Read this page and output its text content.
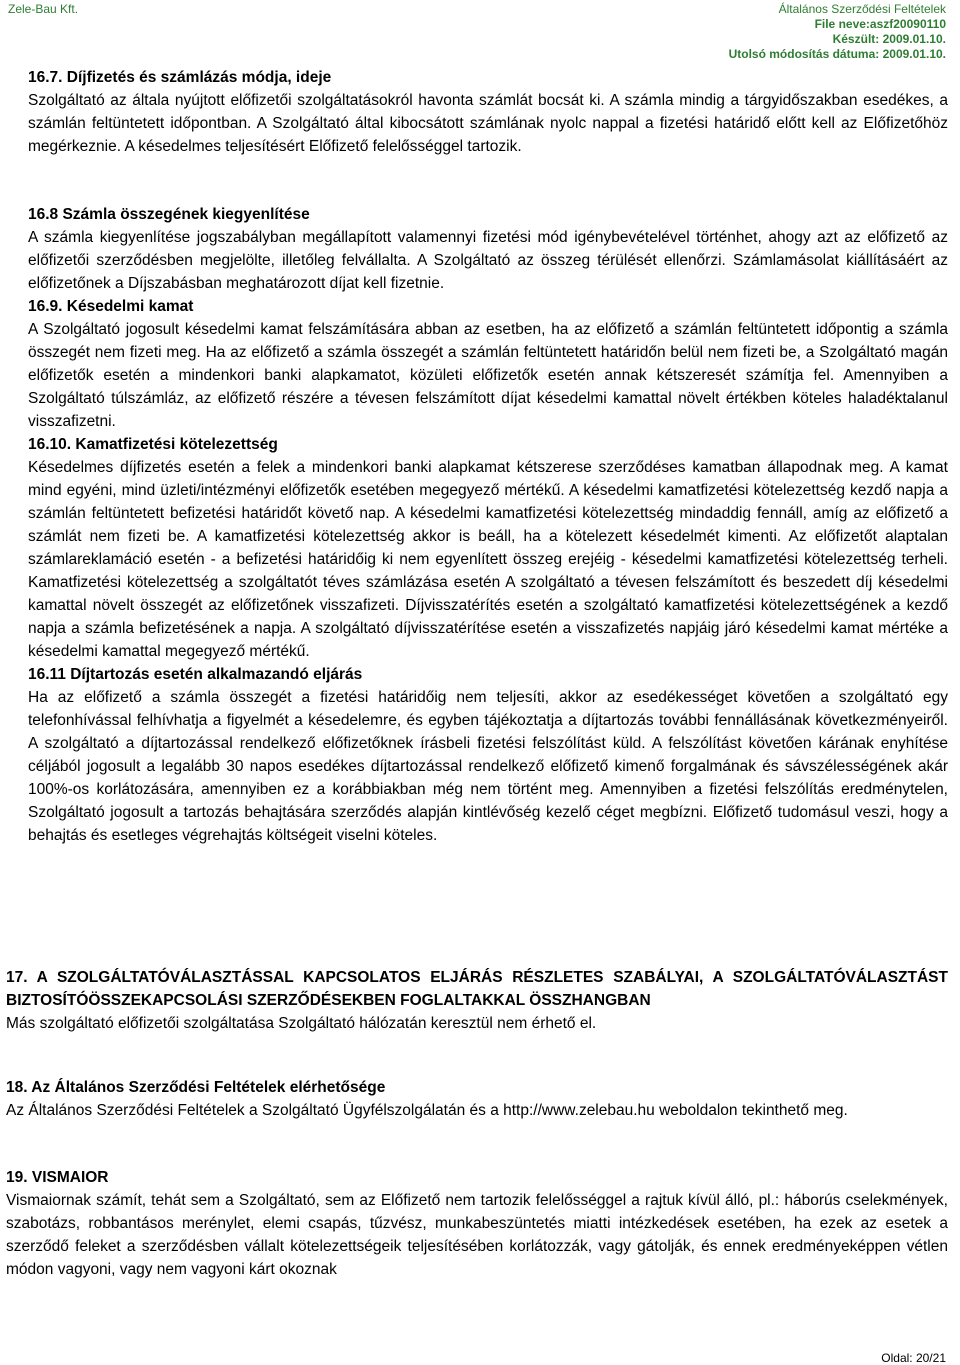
Zele-Bau Kft.	Általános Szerződési Feltételek
File neve:aszf20090110
Készült: 2009.01.10.
Utolsó módosítás dátuma: 2009.01.10.
16.7. Díjfizetés és számlázás módja, ideje

Szolgáltató az általa nyújtott előfizetői szolgáltatásokról havonta számlát bocsát ki. A számla mindig a tárgyidőszakban esedékes, a számlán feltüntetett időpontban. A Szolgáltató által kibocsátott számlának nyolc nappal a fizetési határidő előtt kell az Előfizetőhöz megérkeznie. A késedelmes teljesítésért Előfizető felelősséggel tartozik.

16.8 Számla összegének kiegyenlítése

A számla kiegyenlítése jogszabályban megállapított valamennyi fizetési mód igénybevételével történhet, ahogy azt az előfizető az előfizetői szerződésben megjelölte, illetőleg felvállalta. A Szolgáltató az összeg térülését ellenőrzi. Számlamásolat kiállításáért az előfizetőnek a Díjszabásban meghatározott díjat kell fizetnie.

16.9. Késedelmi kamat

A Szolgáltató jogosult késedelmi kamat felszámítására abban az esetben, ha az előfizető a számlán feltüntetett időpontig a számla összegét nem fizeti meg. Ha az előfizető a számla összegét a számlán feltüntetett határidőn belül nem fizeti be, a Szolgáltató magán előfizetők esetén a mindenkori banki alapkamatot, közületi előfizetők esetén annak kétszeresét számítja fel. Amennyiben a Szolgáltató túlszámláz, az előfizető részére a tévesen felszámított díjat késedelmi kamattal növelt értékben köteles haladéktalanul visszafizetni.

16.10. Kamatfizetési kötelezettség

Késedelmes díjfizetés esetén a felek a mindenkori banki alapkamat kétszerese szerződéses kamatban állapodnak meg. A kamat mind egyéni, mind üzleti/intézményi előfizetők esetében megegyező mértékű. A késedelmi kamatfizetési kötelezettség kezdő napja a számlán feltüntetett befizetési határidőt követő nap. A késedelmi kamatfizetési kötelezettség mindaddig fennáll, amíg az előfizető a számlát nem fizeti be. A kamatfizetési kötelezettség akkor is beáll, ha a kötelezett késedelmét kimenti. Az előfizetőt alaptalan számlareklamáció esetén - a befizetési határidőig ki nem egyenlített összeg erejéig - késedelmi kamatfizetési kötelezettség terheli. Kamatfizetési kötelezettség a szolgáltatót téves számlázása esetén A szolgáltató a tévesen felszámított és beszedett díj késedelmi kamattal növelt összegét az előfizetőnek visszafizeti. Díjvisszatérítés esetén a szolgáltató kamatfizetési kötelezettségének a kezdő napja a számla befizetésének a napja. A szolgáltató díjvisszatérítése esetén a visszafizetés napjáig járó késedelmi kamat mértéke a késedelmi kamattal megegyező mértékű.

16.11 Díjtartozás esetén alkalmazandó eljárás

Ha az előfizető a számla összegét a fizetési határidőig nem teljesíti, akkor az esedékességet követően a szolgáltató egy telefonhívással felhívhatja a figyelmét a késedelemre, és egyben tájékoztatja a díjtartozás további fennállásának következményeiről. A szolgáltató a díjtartozással rendelkező előfizetőknek írásbeli fizetési felszólítást küld. A felszólítást követően kárának enyhítése céljából jogosult a legalább 30 napos esedékes díjtartozással rendelkező előfizető kimenő forgalmának és sávszélességének akár 100%-os korlátozására, amennyiben ez a korábbiakban még nem történt meg. Amennyiben a fizetési felszólítás eredménytelen, Szolgáltató jogosult a tartozás behajtására szerződés alapján kintlévőség kezelő céget megbízni. Előfizető tudomásul veszi, hogy a behajtás és esetleges végrehajtás költségeit viselni köteles.

17. A SZOLGÁLTATÓVÁLASZTÁSSAL KAPCSOLATOS ELJÁRÁS RÉSZLETES SZABÁLYAI, A SZOLGÁLTATÓVÁLASZTÁST BIZTOSÍTÓÖSSZEKAPCSOLÁSI SZERZŐDÉSEKBEN FOGLALTAKKAL ÖSSZHANGBAN

Más szolgáltató előfizetői szolgáltatása Szolgáltató hálózatán keresztül nem érhető el.

18. Az Általános Szerződési Feltételek elérhetősége

Az Általános Szerződési Feltételek a Szolgáltató Ügyfélszolgálatán és a http://www.zelebau.hu weboldalon tekinthető meg.

19. VISMAIOR

Vismaiornak számít, tehát sem a Szolgáltató, sem az Előfizető nem tartozik felelősséggel a rajtuk kívül álló, pl.: háborús cselekmények, szabotázs, robbantásos merénylet, elemi csapás, tűzvész, munkabeszüntetés miatti intézkedések esetében, ha ezek az esetek a szerződő feleket a szerződésben vállalt kötelezettségeik teljesítésében korlátozzák, vagy gátolják, és ennek eredményeképpen vétlen módon vagyoni, vagy nem vagyoni kárt okoznak

Oldal: 20/21
